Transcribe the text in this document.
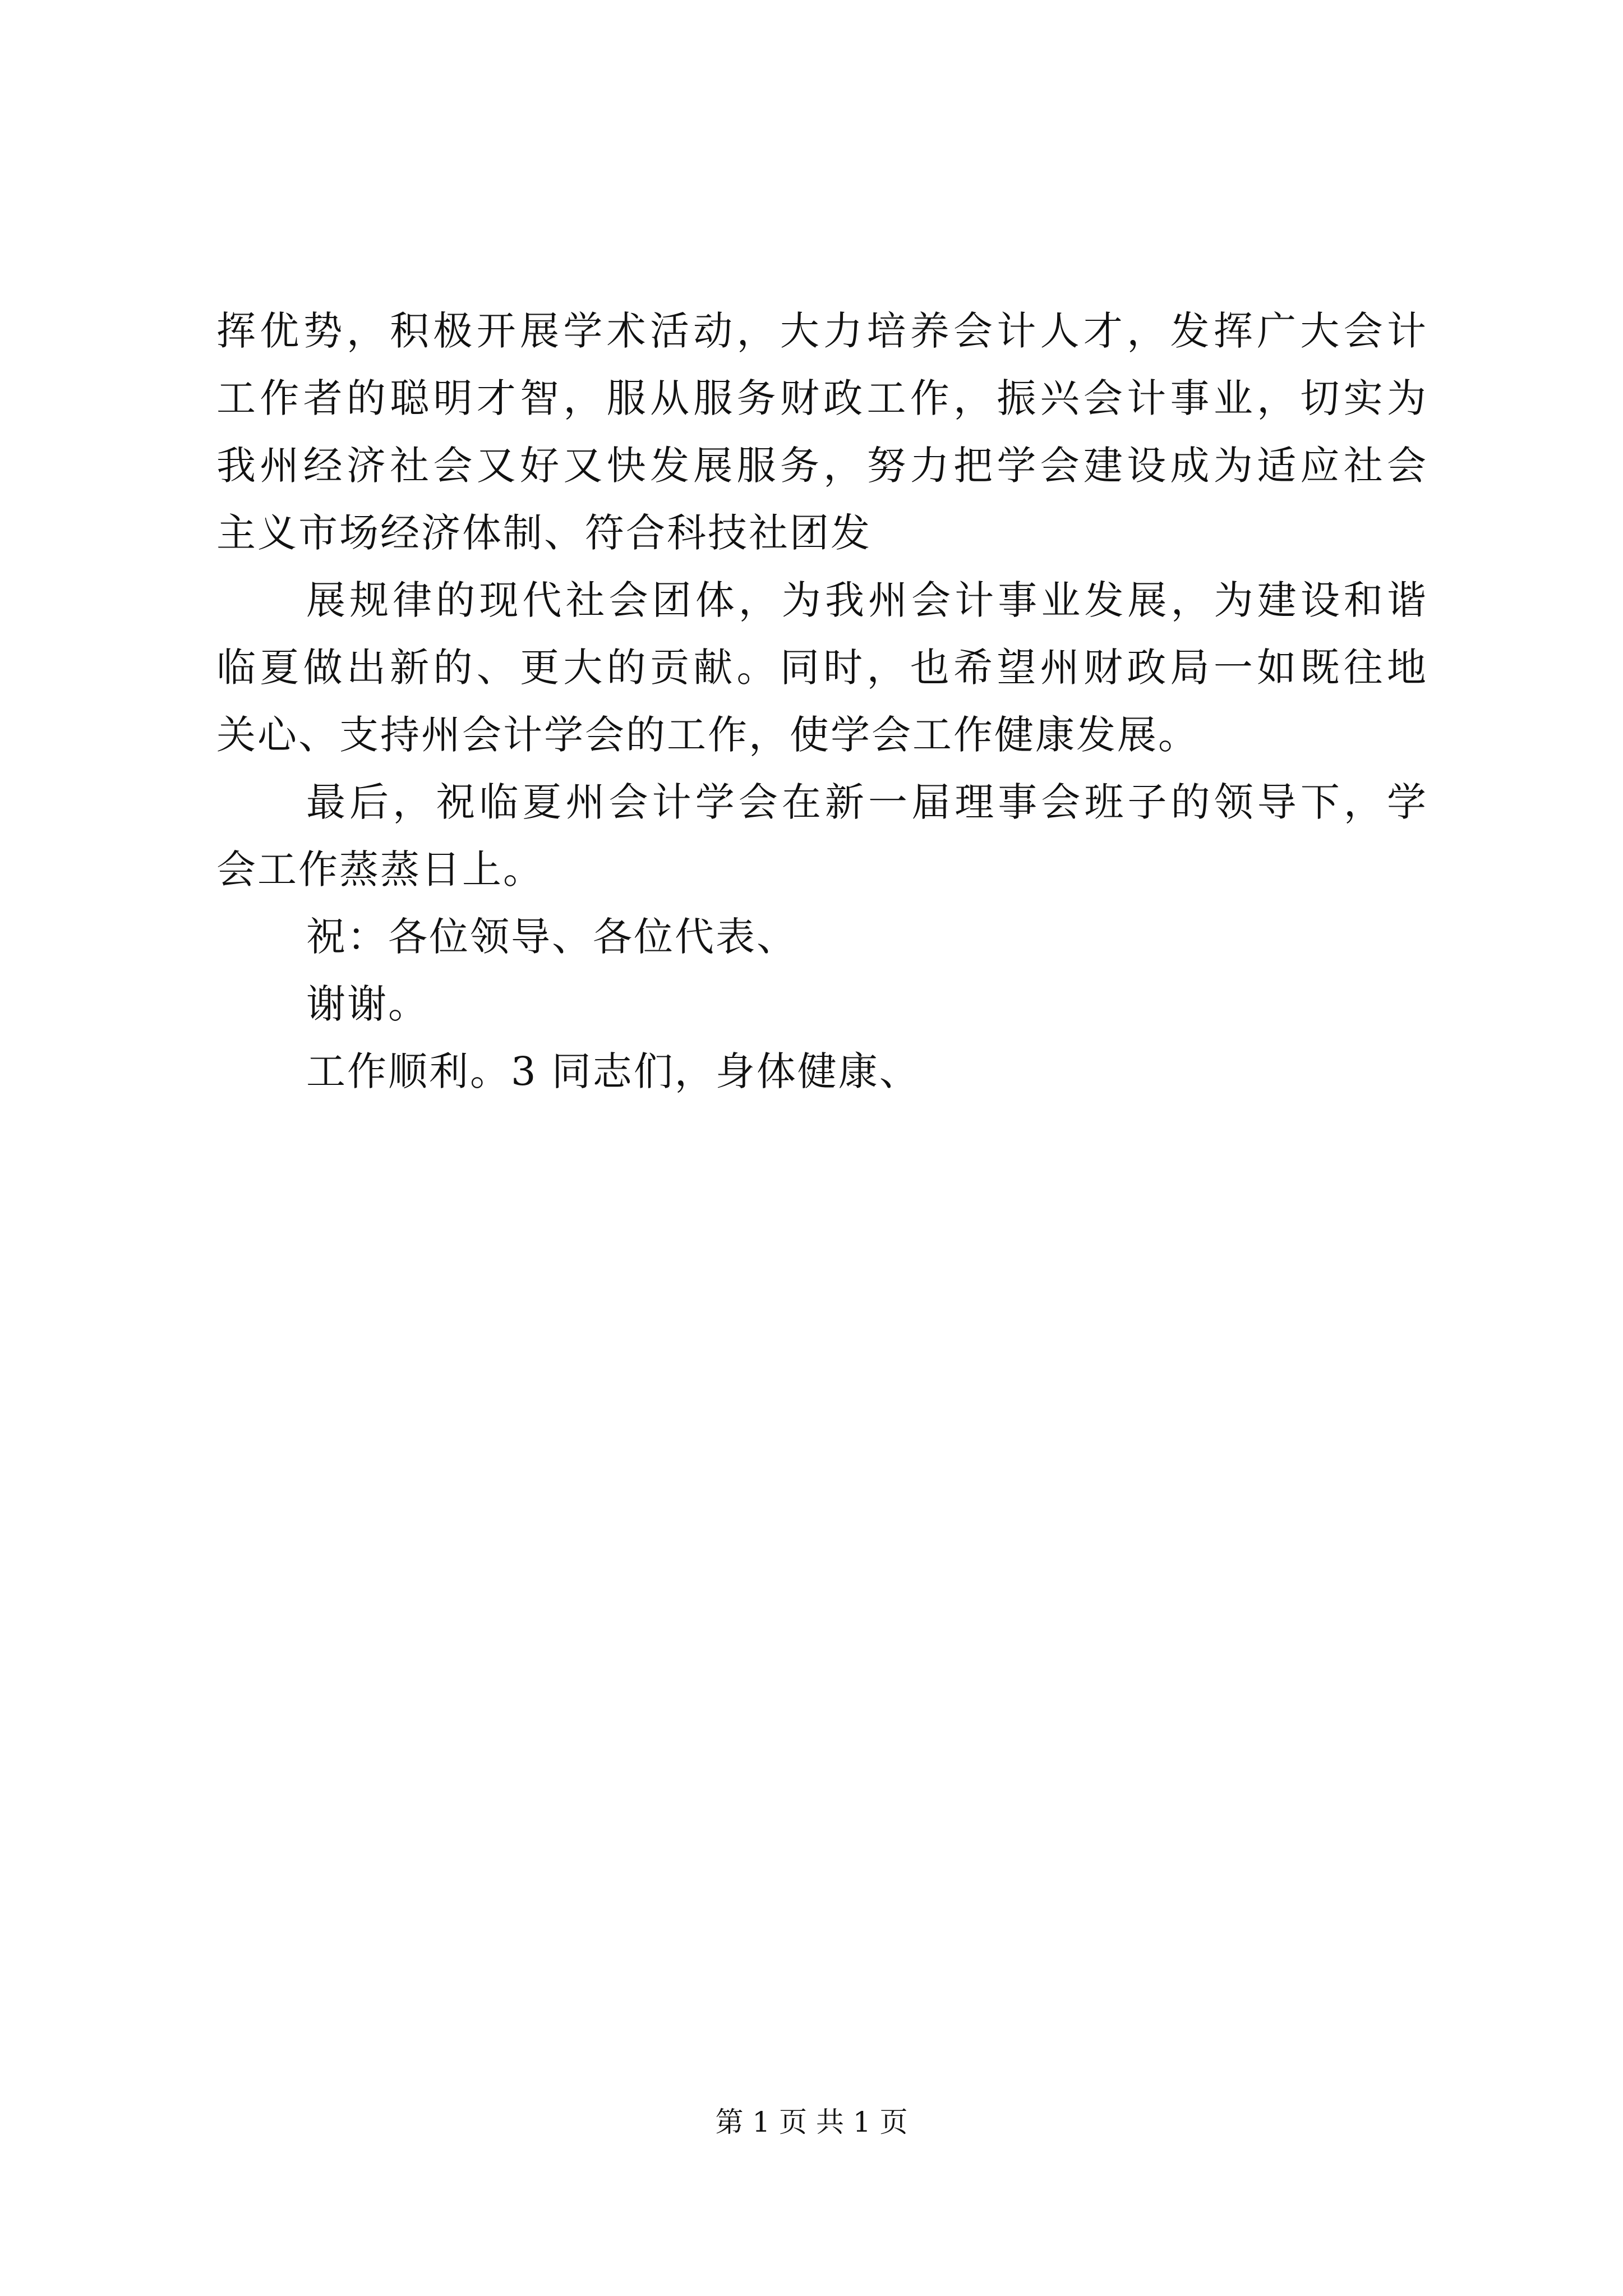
挥优势，积极开展学术活动，大力培养会计人才，发挥广大会计
工作者的聪明才智，服从服务财政工作，振兴会计事业，切实为
我州经济社会又好又快发展服务，努力把学会建设成为适应社会
主义市场经济体制、符合科技社团发
展规律的现代社会团体，为我州会计事业发展，为建设和谐
临夏做出新的、更大的贡献。同时，也希望州财政局一如既往地
关心、支持州会计学会的工作，使学会工作健康发展。
最后，祝临夏州会计学会在新一届理事会班子的领导下，学
会工作蒸蒸日上。
祝：各位领导、各位代表、
谢谢。
工作顺利。3 同志们，身体健康、
第 1 页 共 1 页
